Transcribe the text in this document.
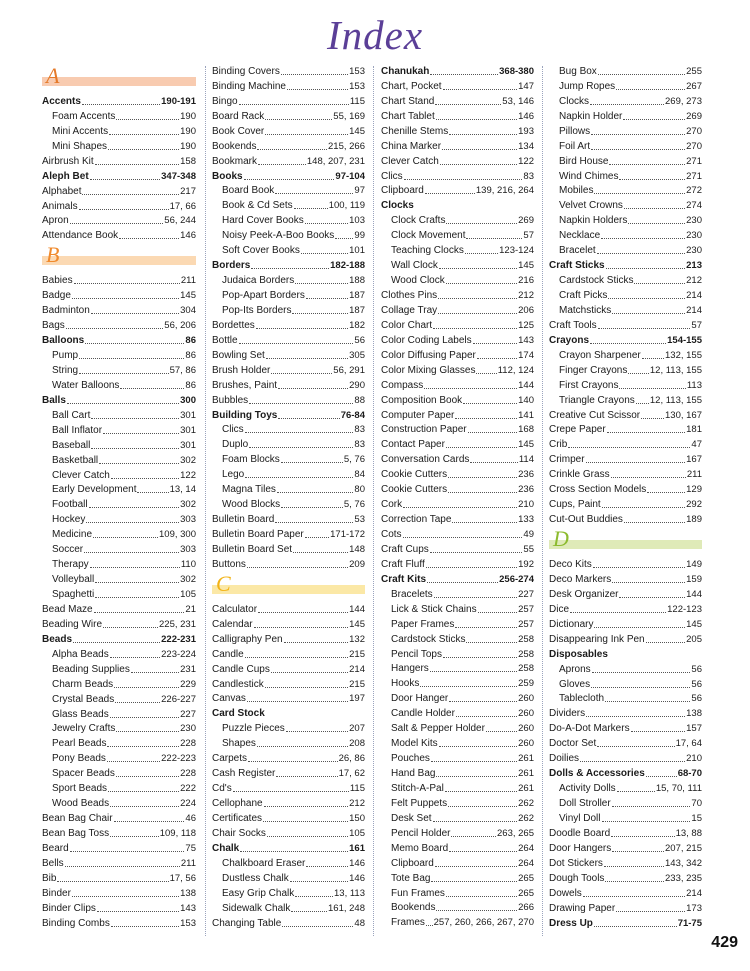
Index
A
Accents	190-191
Foam Accents	190
Mini Accents	190
Mini Shapes	190
Airbrush Kit	158
Aleph Bet	347-348
Alphabet	217
Animals	17, 66
Apron	56, 244
Attendance Book	146
B
Babies	211
Badge	145
Badminton	304
Bags	56, 206
Balloons	86
Pump	86
String	57, 86
Water Balloons	86
Balls	300
Ball Cart	301
Ball Inflator	301
Baseball	301
Basketball	302
Clever Catch	122
Early Development	13, 14
Football	302
Hockey	303
Medicine	109, 300
Soccer	303
Therapy	110
Volleyball	302
Spaghetti	105
Bead Maze	21
Beading Wire	225, 231
Beads	222-231
Alpha Beads	223-224
Beading Supplies	231
Charm Beads	229
Crystal Beads	226-227
Glass Beads	227
Jewelry Crafts	230
Pearl Beads	228
Pony Beads	222-223
Spacer Beads	228
Sport Beads	222
Wood Beads	224
Bean Bag Chair	46
Bean Bag Toss	109, 118
Beard	75
Bells	211
Bib	17, 56
Binder	138
Binder Clips	143
Binding Combs	153
Binding Covers	153
Binding Machine	153
Bingo	115
Board Rack	55, 169
Book Cover	145
Bookends	215, 266
Bookmark	148, 207, 231
Books	97-104
Board Book	97
Book & Cd Sets	100, 119
Hard Cover Books	103
Noisy Peek-A-Boo Books 99
Soft Cover Books	101
Borders	182-188
Judaica Borders	188
Pop-Apart Borders	187
Pop-Its Borders	187
Bordettes	182
Bottle	56
Bowling Set	305
Brush Holder	56, 291
Brushes, Paint	290
Bubbles	88
Building Toys	76-84
Clics	83
Duplo	83
Foam Blocks	5, 76
Lego	84
Magna Tiles	80
Wood Blocks	5, 76
Bulletin Board	53
Bulletin Board Paper	171-172
Bulletin Board Set	148
Buttons	209
C
Calculator	144
Calendar	145
Calligraphy Pen	132
Candle	215
Candle Cups	214
Candlestick	215
Canvas	197
Card Stock
Puzzle Pieces	207
Shapes	208
Carpets	26, 86
Cash Register	17, 62
Cd's	115
Cellophane	212
Certificates	150
Chair Socks	105
Chalk	161
Chalkboard Eraser	146
Dustless Chalk	146
Easy Grip Chalk	13, 113
Sidewalk Chalk	161, 248
Changing Table	48
Chanukah	368-380
Chart, Pocket	147
Chart Stand	53, 146
Chart Tablet	146
Chenille Stems	193
China Marker	134
Clever Catch	122
Clics	83
Clipboard	139, 216, 264
Clocks
Clock Crafts	269
Clock Movement	57
Teaching Clocks	123-124
Wall Clock	145
Wood Clock	216
Clothes Pins	212
Collage Tray	206
Color Chart	125
Color Coding Labels	143
Color Diffusing Paper	174
Color Mixing Glasses 112, 124
Compass	144
Composition Book	140
Computer Paper	141
Construction Paper	168
Contact Paper	145
Conversation Cards	114
Cookie Cutters	236
Cookie Cutters	236
Cork	210
Correction Tape	133
Cots	49
Craft Cups	55
Craft Fluff	192
Craft Kits	256-274
Bracelets	227
Lick & Stick Chains	257
Paper Frames	257
Cardstock Sticks	258
Pencil Tops	258
Hangers	258
Hooks	259
Door Hanger	260
Candle Holder	260
Salt & Pepper Holder	260
Model Kits	260
Pouches	261
Hand Bag	261
Stitch-A-Pal	261
Felt Puppets	262
Desk Set	262
Pencil Holder	263, 265
Memo Board	264
Clipboard	264
Tote Bag	265
Fun Frames	265
Bookends	266
Frames 257, 260, 266, 267, 270
Bug Box	255
Jump Ropes	267
Clocks	269, 273
Napkin Holder	269
Pillows	270
Foil Art	270
Bird House	271
Wind Chimes	271
Mobiles	272
Velvet Crowns	274
Napkin Holders	230
Necklace	230
Bracelet	230
Craft Sticks	213
Cardstock Sticks	212
Craft Picks	214
Matchsticks	214
Craft Tools	57
Crayons	154-155
Crayon Sharpener	132, 155
Finger Crayons 12, 113, 155
First Crayons	113
Triangle Crayons 12, 113, 155
Creative Cut Scissor	130, 167
Crepe Paper	181
Crib	47
Crimper	167
Crinkle Grass	211
Cross Section Models	129
Cups, Paint	292
Cut-Out Buddies	189
D
Deco Kits	149
Deco Markers	159
Desk Organizer	144
Dice	122-123
Dictionary	145
Disappearing Ink Pen	205
Disposables
Aprons	56
Gloves	56
Tablecloth	56
Dividers	138
Do-A-Dot Markers	157
Doctor Set	17, 64
Doilies	210
Dolls & Accessories	68-70
Activity Dolls	15, 70, 111
Doll Stroller	70
Vinyl Doll	15
Doodle Board	13, 88
Door Hangers	207, 215
Dot Stickers	143, 342
Dough Tools	233, 235
Dowels	214
Drawing Paper	173
Dress Up	71-75
429
